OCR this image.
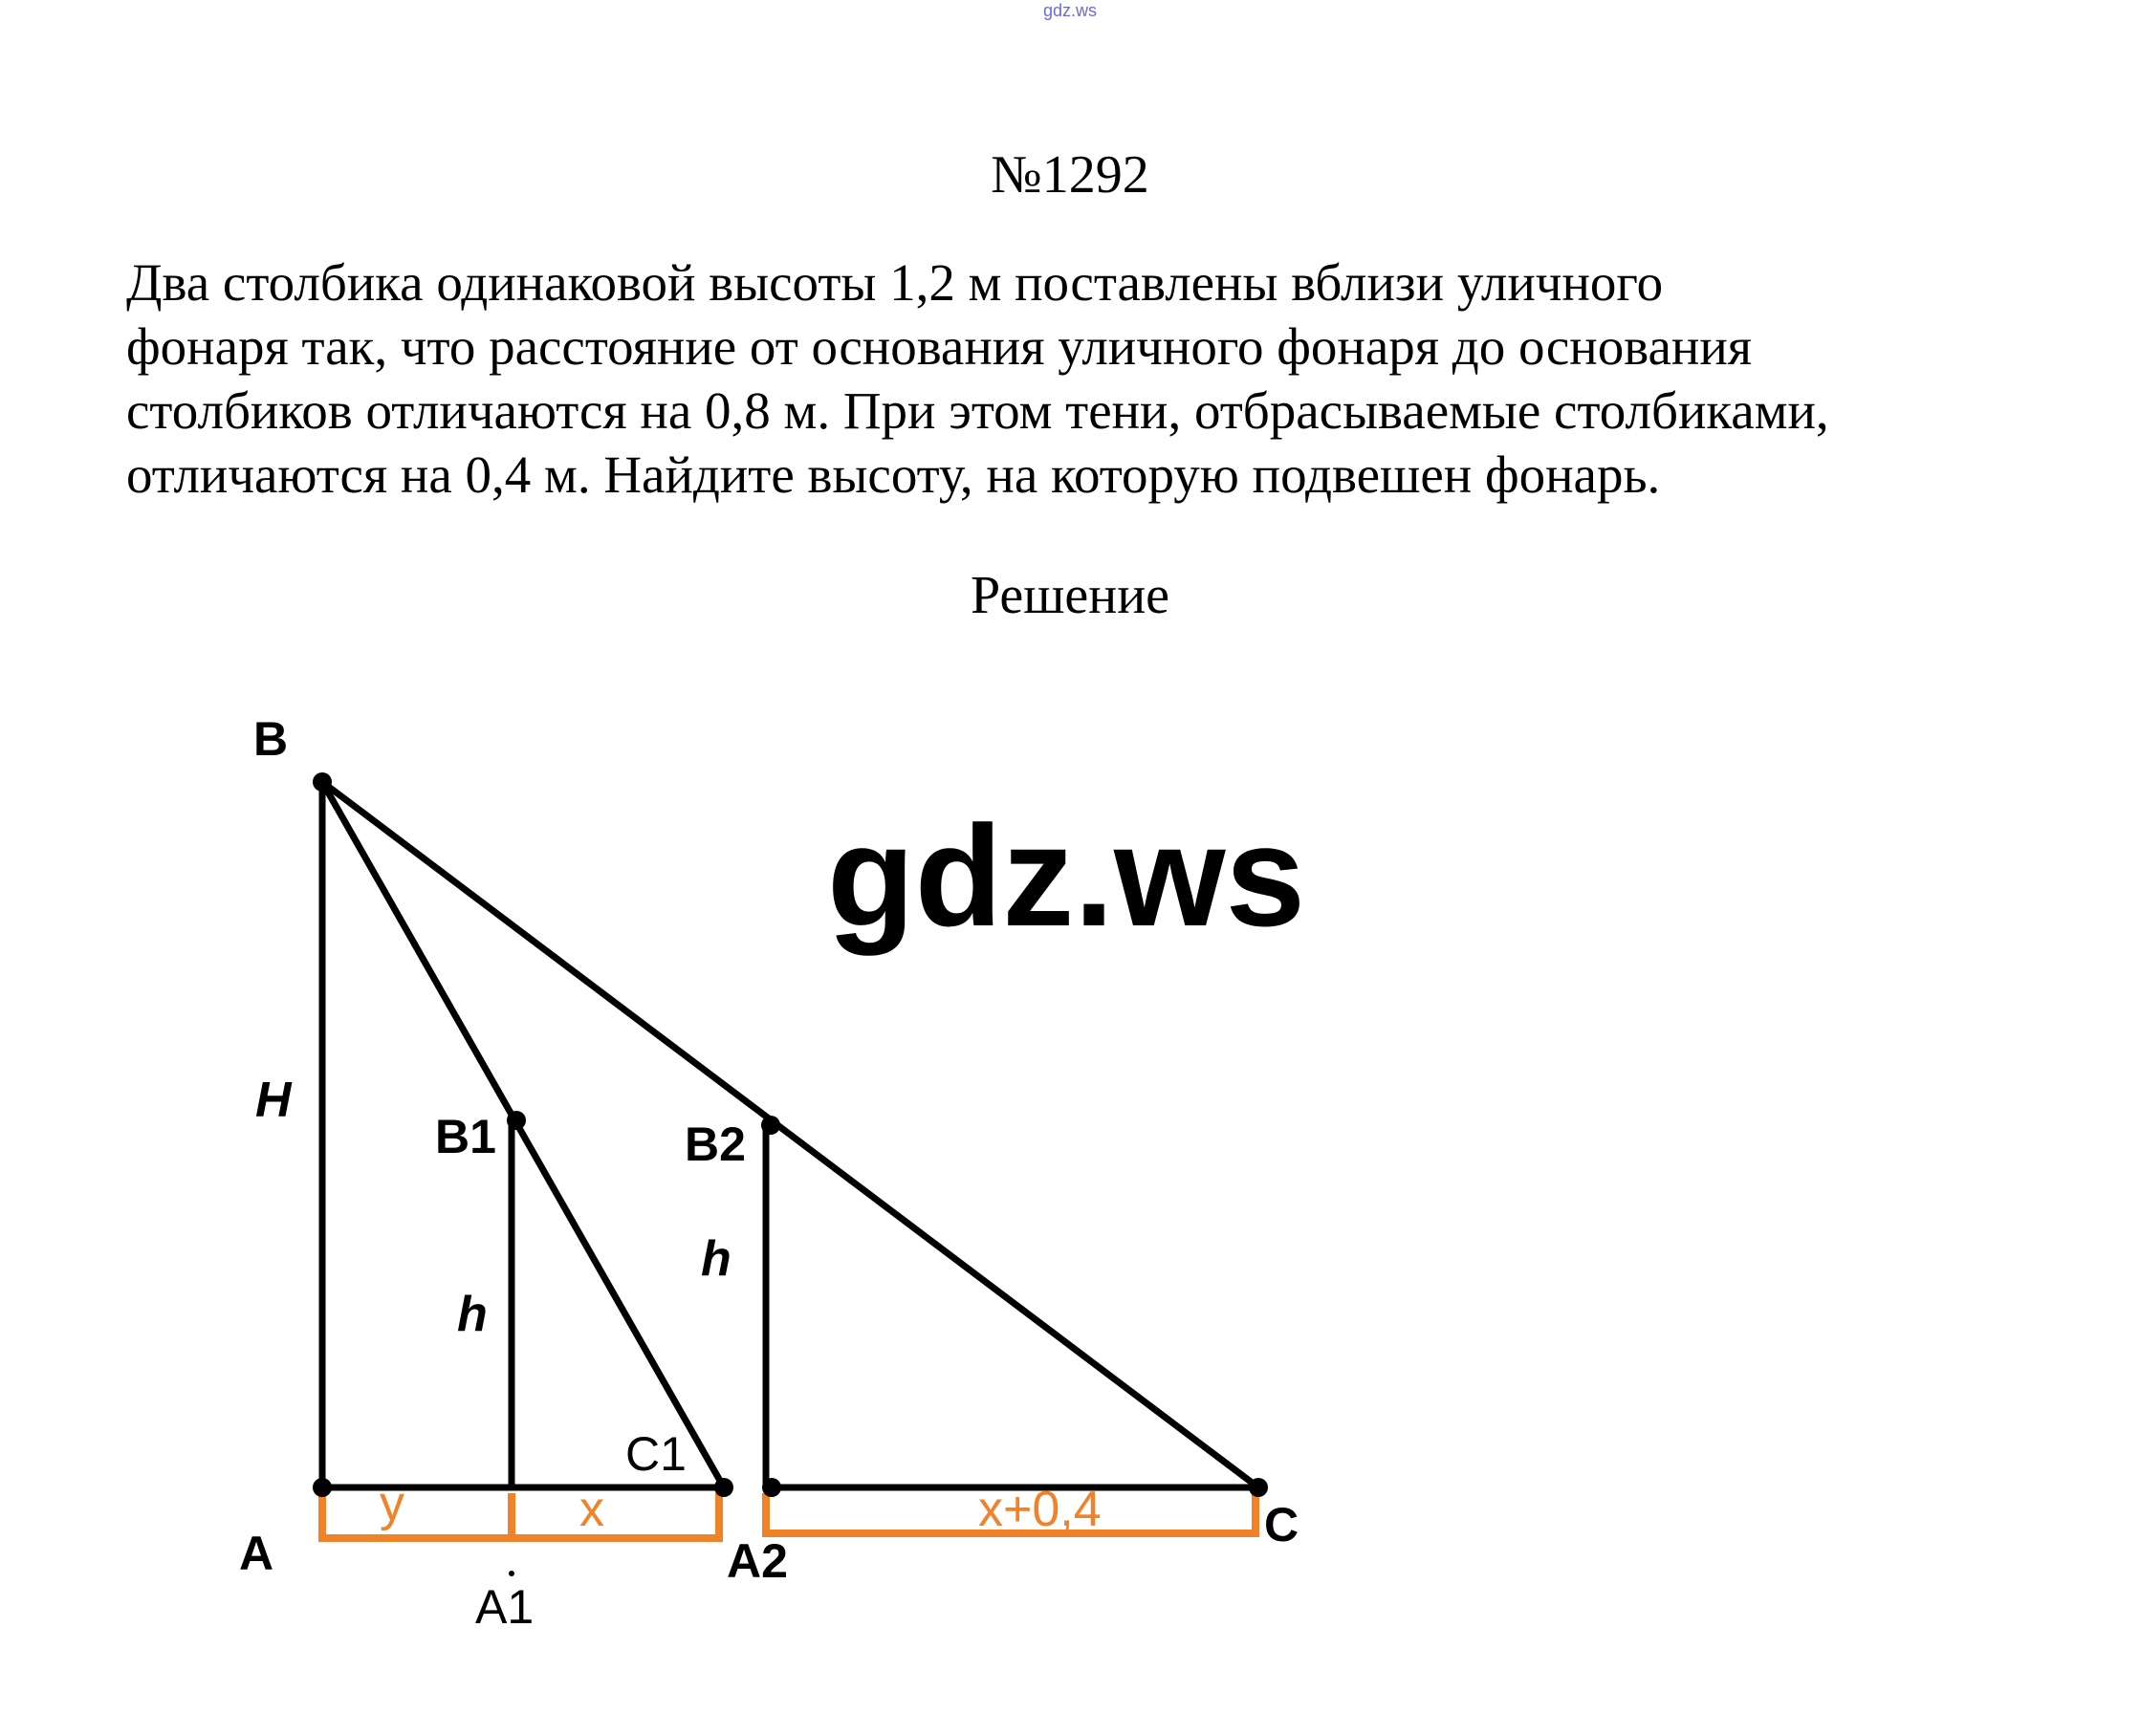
gdz.ws
№1292
Два столбика одинаковой высоты 1,2 м поставлены вблизи уличного
фонаря так, что расстояние от основания уличного фонаря до основания
столбиков отличаются на 0,8 м. При этом тени, отбрасываемые столбиками,
отличаются на 0,4 м. Найдите высоту, на которую подвешен фонарь.
Решение
gdz.ws
B
B1	B2
A	A2
C
C1
A1
H
h
h
y	x	x+0,4
